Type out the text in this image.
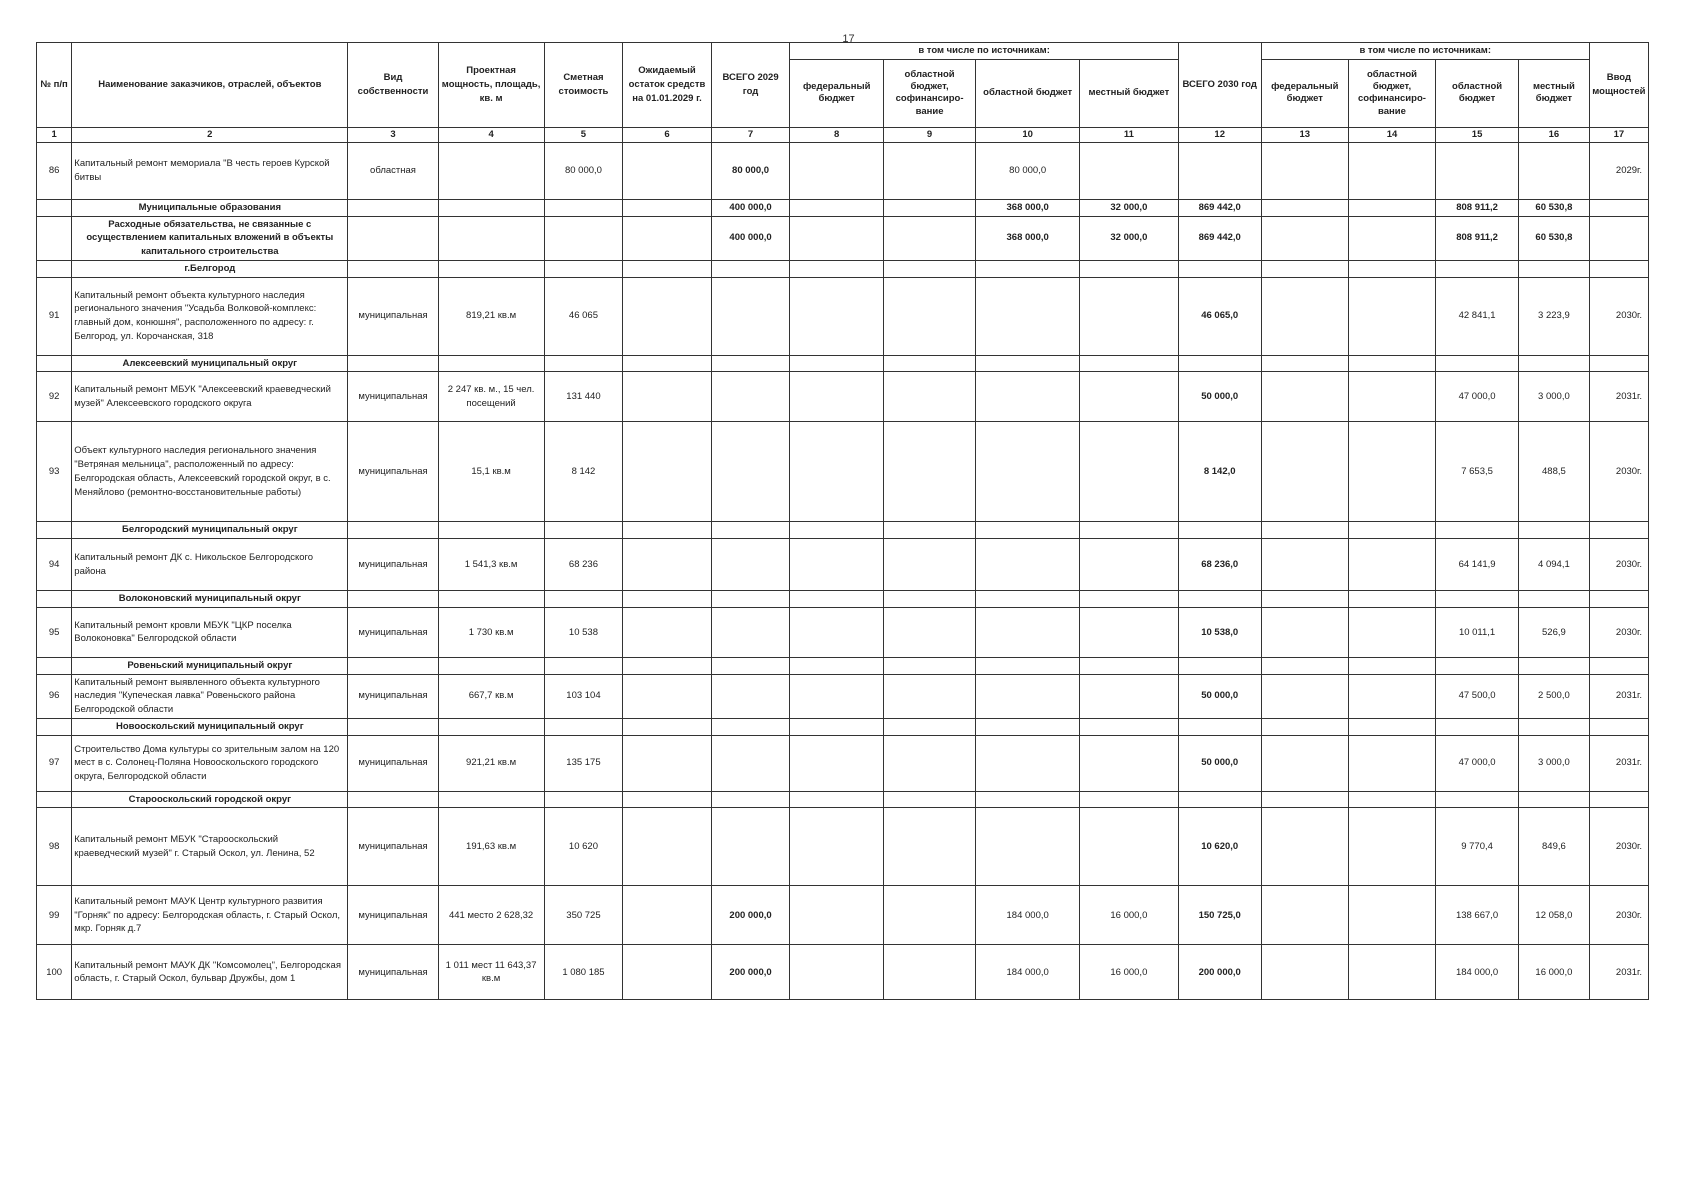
17
№ п/п	Наименование заказчиков, отраслей, объектов	Вид собственности	Проектная мощность, площадь, кв. м	Сметная стоимость	Ожидаемый остаток средств на 01.01.2029 г.	ВСЕГО 2029 год	в том числе по источникам:				ВСЕГО 2030 год	в том числе по источникам:				Ввод мощностей
							федеральный бюджет	областной бюджет, софинансиро-вание	областной бюджет	местный бюджет		федеральный бюджет	областной бюджет, софинансиро-вание	областной бюджет	местный бюджет	
1	2	3	4	5	6	7	8	9	10	11	12	13	14	15	16	17
86	Капитальный ремонт мемориала "В честь героев Курской битвы	областная		80 000,0		80 000,0			80 000,0							2029г.
	Муниципальные образования					400 000,0			368 000,0	32 000,0	869 442,0			808 911,2	60 530,8	
	Расходные обязательства, не связанные с осуществлением капитальных вложений в объекты капитального строительства					400 000,0			368 000,0	32 000,0	869 442,0			808 911,2	60 530,8	
	г.Белгород															
91	Капитальный ремонт объекта культурного наследия регионального значения "Усадьба Волковой-комплекс: главный дом, конюшня", расположенного по адресу: г. Белгород, ул. Корочанская, 318	муниципальная	819,21 кв.м	46 065							46 065,0			42 841,1	3 223,9	2030г.
	Алексеевский муниципальный округ															
92	Капитальный ремонт МБУК "Алексеевский краеведческий музей" Алексеевского городского округа	муниципальная	2 247 кв. м., 15 чел. посещений	131 440							50 000,0			47 000,0	3 000,0	2031г.
93	Объект культурного наследия регионального значения "Ветряная мельница", расположенный по адресу: Белгородская область, Алексеевский городской округ, в с. Меняйлово (ремонтно-восстановительные работы)	муниципальная	15,1 кв.м	8 142							8 142,0			7 653,5	488,5	2030г.
	Белгородский муниципальный округ															
94	Капитальный ремонт ДК с. Никольское Белгородского района	муниципальная	1 541,3 кв.м	68 236							68 236,0			64 141,9	4 094,1	2030г.
	Волоконовский муниципальный округ															
95	Капитальный ремонт кровли МБУК "ЦКР поселка Волоконовка" Белгородской области	муниципальная	1 730 кв.м	10 538							10 538,0			10 011,1	526,9	2030г.
	Ровеньский муниципальный округ															
96	Капитальный ремонт выявленного объекта культурного наследия "Купеческая лавка" Ровеньского района Белгородской области	муниципальная	667,7 кв.м	103 104							50 000,0			47 500,0	2 500,0	2031г.
	Новооскольский муниципальный округ															
97	Строительство Дома культуры со зрительным залом на 120 мест в с. Солонец-Поляна Новооскольского городского округа, Белгородской области	муниципальная	921,21 кв.м	135 175							50 000,0			47 000,0	3 000,0	2031г.
	Старооскольский городской округ															
98	Капитальный ремонт МБУК "Старооскольский краеведческий музей" г. Старый Оскол, ул. Ленина, 52	муниципальная	191,63 кв.м	10 620							10 620,0			9 770,4	849,6	2030г.
99	Капитальный ремонт МАУК Центр культурного развития "Горняк" по адресу: Белгородская область, г. Старый Оскол, мкр. Горняк д.7	муниципальная	441 место 2 628,32	350 725		200 000,0			184 000,0	16 000,0	150 725,0			138 667,0	12 058,0	2030г.
100	Капитальный ремонт МАУК ДК "Комсомолец", Белгородская область, г. Старый Оскол, бульвар Дружбы, дом 1	муниципальная	1 011 мест 11 643,37 кв.м	1 080 185		200 000,0			184 000,0	16 000,0	200 000,0			184 000,0	16 000,0	2031г.
